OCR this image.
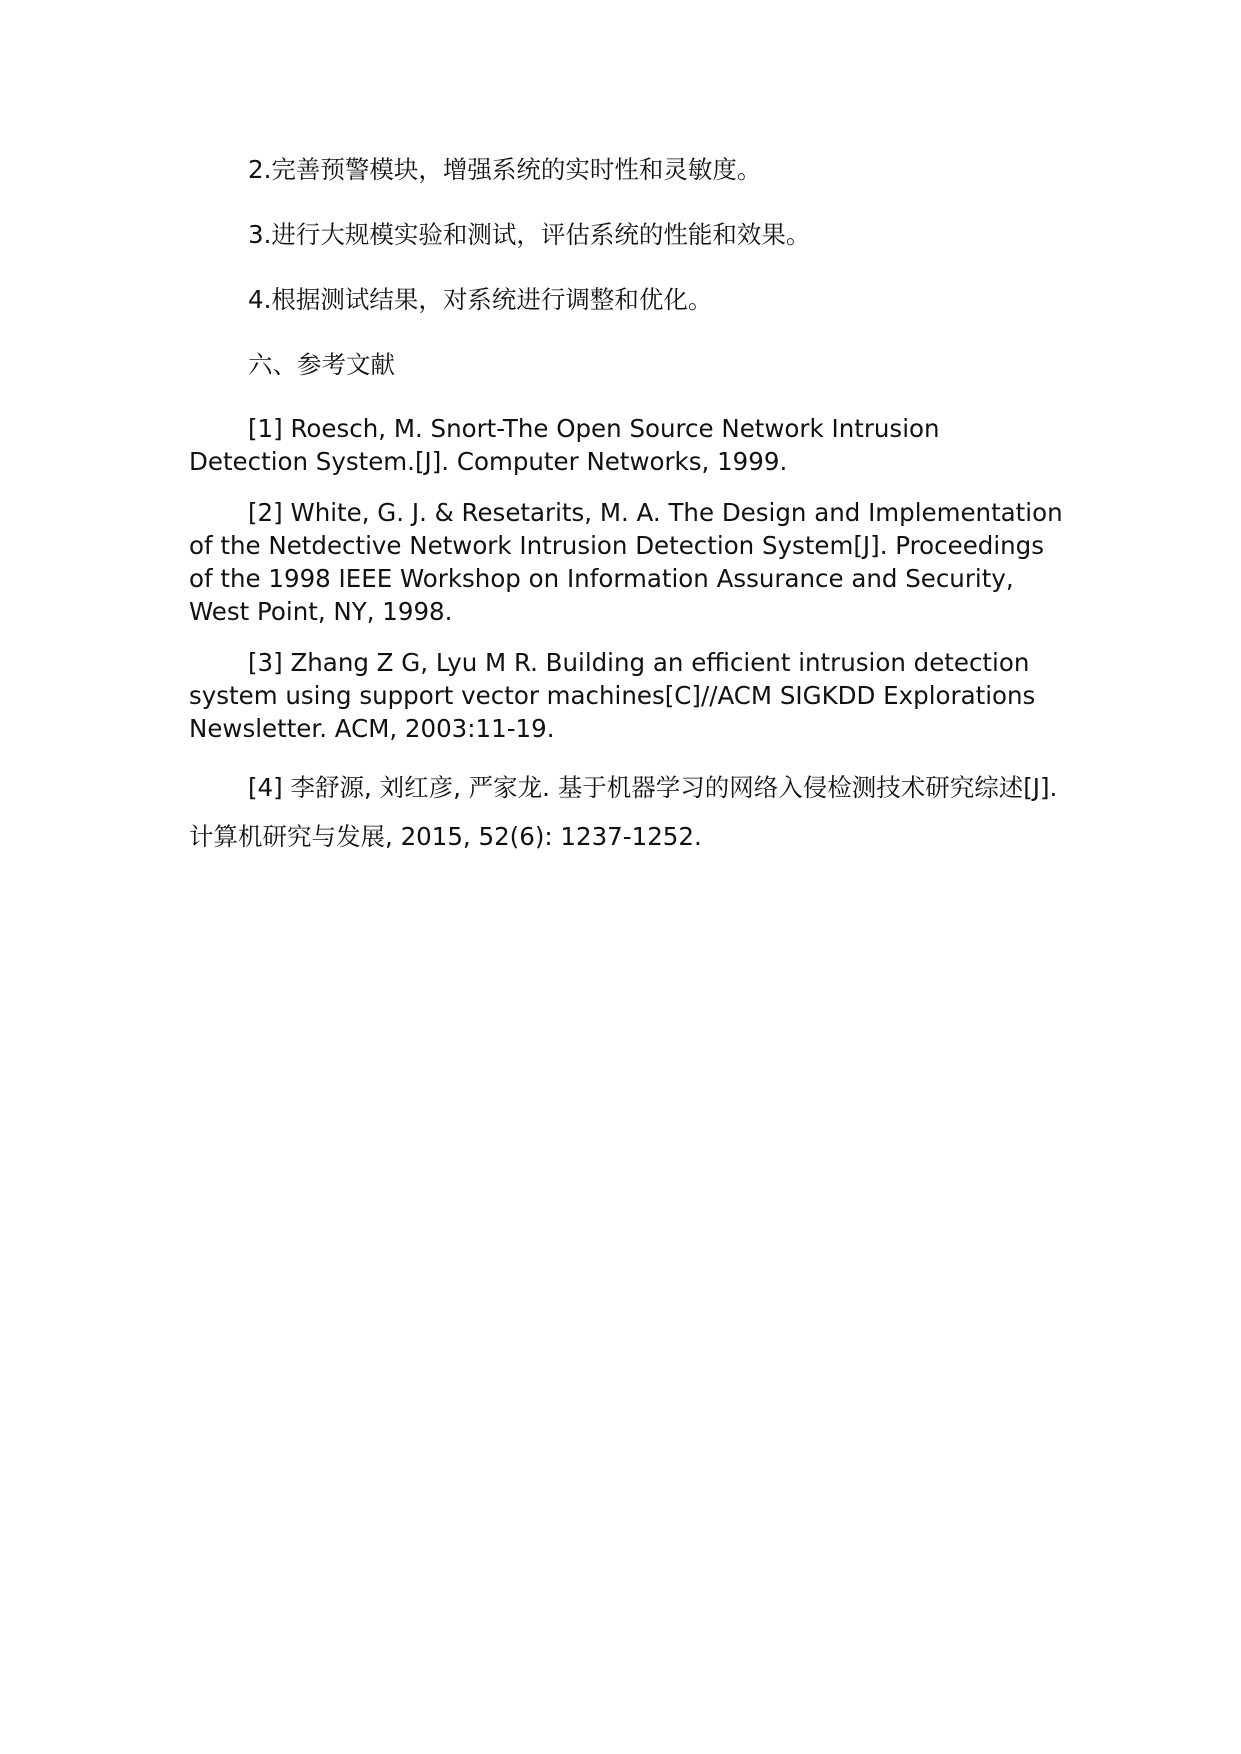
2.完善预警模块，增强系统的实时性和灵敏度。

3.进行大规模实验和测试，评估系统的性能和效果。

4.根据测试结果，对系统进行调整和优化。

六、参考文献

[1] Roesch, M. Snort-The Open Source Network Intrusion Detection System.[J]. Computer Networks, 1999.

[2] White, G. J. & Resetarits, M. A. The Design and Implementation of the Netdective Network Intrusion Detection System[J]. Proceedings of the 1998 IEEE Workshop on Information Assurance and Security, West Point, NY, 1998.

[3] Zhang Z G, Lyu M R. Building an efficient intrusion detection system using support vector machines[C]//ACM SIGKDD Explorations Newsletter. ACM, 2003:11-19.

[4] 李舒源, 刘红彦, 严家龙. 基于机器学习的网络入侵检测技术研究综述[J]. 计算机研究与发展, 2015, 52(6): 1237-1252.
